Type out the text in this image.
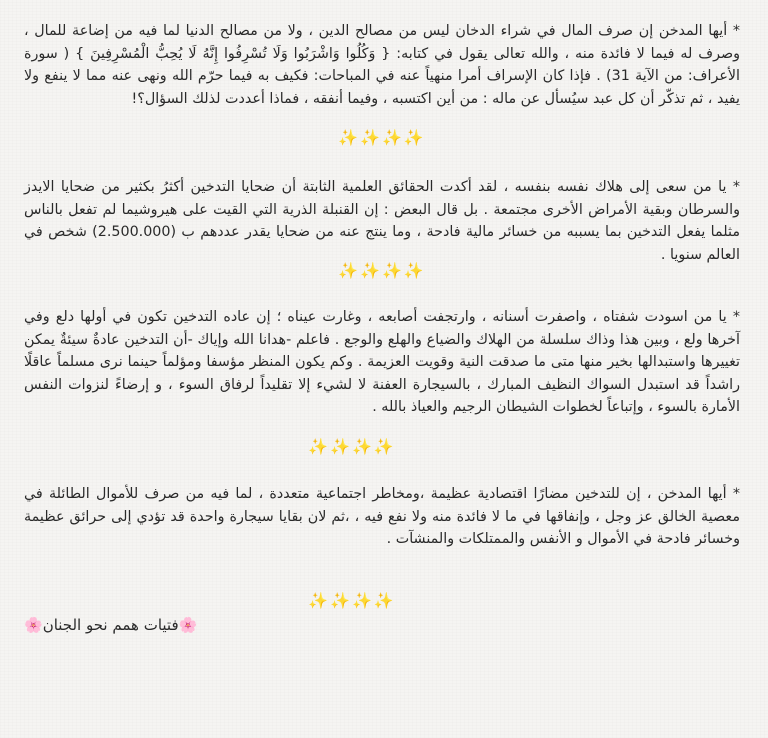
* أيها المدخن إن صرف المال في شراء الدخان ليس من مصالح الدين ، ولا من مصالح الدنيا لما فيه من إضاعة للمال ، وصرف له فيما لا فائدة منه ، والله تعالى يقول في كتابه: { وَكُلُوا وَاشْرَبُوا وَلَا تُسْرِفُوا إِنَّهُ لَا يُحِبُّ الْمُسْرِفِينَ } ( سورة الأعراف: من الآية 31) . فإذا كان الإسراف أمرا منهياً عنه في المباحات: فكيف به فيما حرّم الله ونهى عنه مما لا ينفع ولا يفيد ، ثم تذكّر أن كل عبد سيُسأل عن ماله : من أين اكتسبه ، وفيما أنفقه ، فماذا أعددت لذلك السؤال؟!

✨✨✨✨

* يا من سعى إلى هلاك نفسه بنفسه ، لقد أكدت الحقائق العلمية الثابتة أن ضحايا التدخين أكثرُ بكثير من ضحايا الايدز والسرطان وبقية الأمراض الأخرى مجتمعة . بل قال البعض : إن القنبلة الذرية التي القيت على هيروشيما لم تفعل بالناس مثلما يفعل التدخين بما يسببه من خسائر مالية فادحة ، وما ينتج عنه من ضحايا يقدر عددهم ب (2.500.000) شخص في العالم سنويا .

✨✨✨✨

* يا من اسودت شفتاه ، واصفرت أسنانه ، وارتجفت أصابعه ، وغارت عيناه ؛ إن عاده التدخين تكون في أولها دلع وفي آخرها ولع ، وبين هذا وذاك سلسلة من الهلاك والضياع والهلع والوجع . فاعلم -هدانا الله وإياك -أن التدخين عادةٌ سيئةٌ يمكن تغييرها واستبدالها بخير منها متى ما صدقت النية وقويت العزيمة . وكم يكون المنظر مؤسفا ومؤلماً حينما نرى مسلماً عاقلًا راشداً قد استبدل السواك النظيف المبارك ، بالسيجارة العفنة لا لشيء إلا تقليداً لرفاق السوء ، و إرضاءً لنزوات النفس الأمارة بالسوء ، وإتباعاً لخطوات الشيطان الرجيم والعياذ بالله .

✨✨✨✨

* أيها المدخن ، إن للتدخين مضارًا اقتصادية عظيمة ،ومخاطر اجتماعية متعددة ، لما فيه من صرف للأموال الطائلة في معصية الخالق عز وجل ، وإنفاقها في ما لا فائدة منه ولا نفع فيه ، ،ثم لان بقايا سيجارة واحدة قد تؤدي إلى حرائق عظيمة وخسائر فادحة في الأموال و الأنفس والممتلكات والمنشآت .

✨✨✨✨
🌸فتيات همم نحو الجنان🌸
